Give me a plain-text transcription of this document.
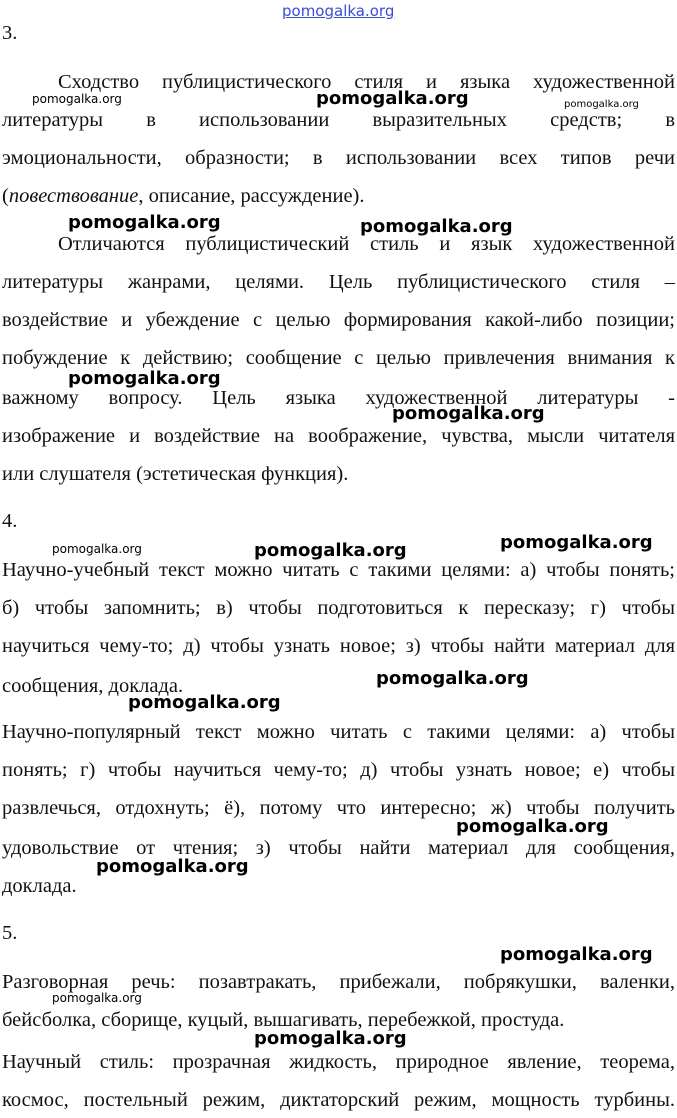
3.
Сходство публицистического стиля и языка художественной
литературы в использовании выразительных средств; в
эмоциональности, образности; в использовании всех типов речи
(повествование, описание, рассуждение).
Отличаются публицистический стиль и язык художественной
литературы жанрами, целями. Цель публицистического стиля –
воздействие и убеждение с целью формирования какой-либо позиции;
побуждение к действию; сообщение с целью привлечения внимания к
важному вопросу. Цель языка художественной литературы -
изображение и воздействие на воображение, чувства, мысли читателя
или слушателя (эстетическая функция).
4.
Научно-учебный текст можно читать с такими целями: а) чтобы понять;
б) чтобы запомнить; в) чтобы подготовиться к пересказу; г) чтобы
научиться чему-то; д) чтобы узнать новое; з) чтобы найти материал для
сообщения, доклада.
Научно-популярный текст можно читать с такими целями: а) чтобы
понять; г) чтобы научиться чему-то; д) чтобы узнать новое; е) чтобы
развлечься, отдохнуть; ё), потому что интересно; ж) чтобы получить
удовольствие от чтения; з) чтобы найти материал для сообщения,
доклада.
5.
Разговорная речь: позавтракать, прибежали, побрякушки, валенки,
бейсболка, сборище, куцый, вышагивать, перебежкой, простуда.
Научный стиль: прозрачная жидкость, природное явление, теорема,
космос, постельный режим, диктаторский режим, мощность турбины.
pomogalka.org
pomogalka.org	pomogalka.org	pomogalka.org
pomogalka.org	pomogalka.org
pomogalka.org
pomogalka.org
pomogalka.org	pomogalka.org	pomogalka.org
pomogalka.org
pomogalka.org
pomogalka.org
pomogalka.org
pomogalka.org
pomogalka.org
pomogalka.org
